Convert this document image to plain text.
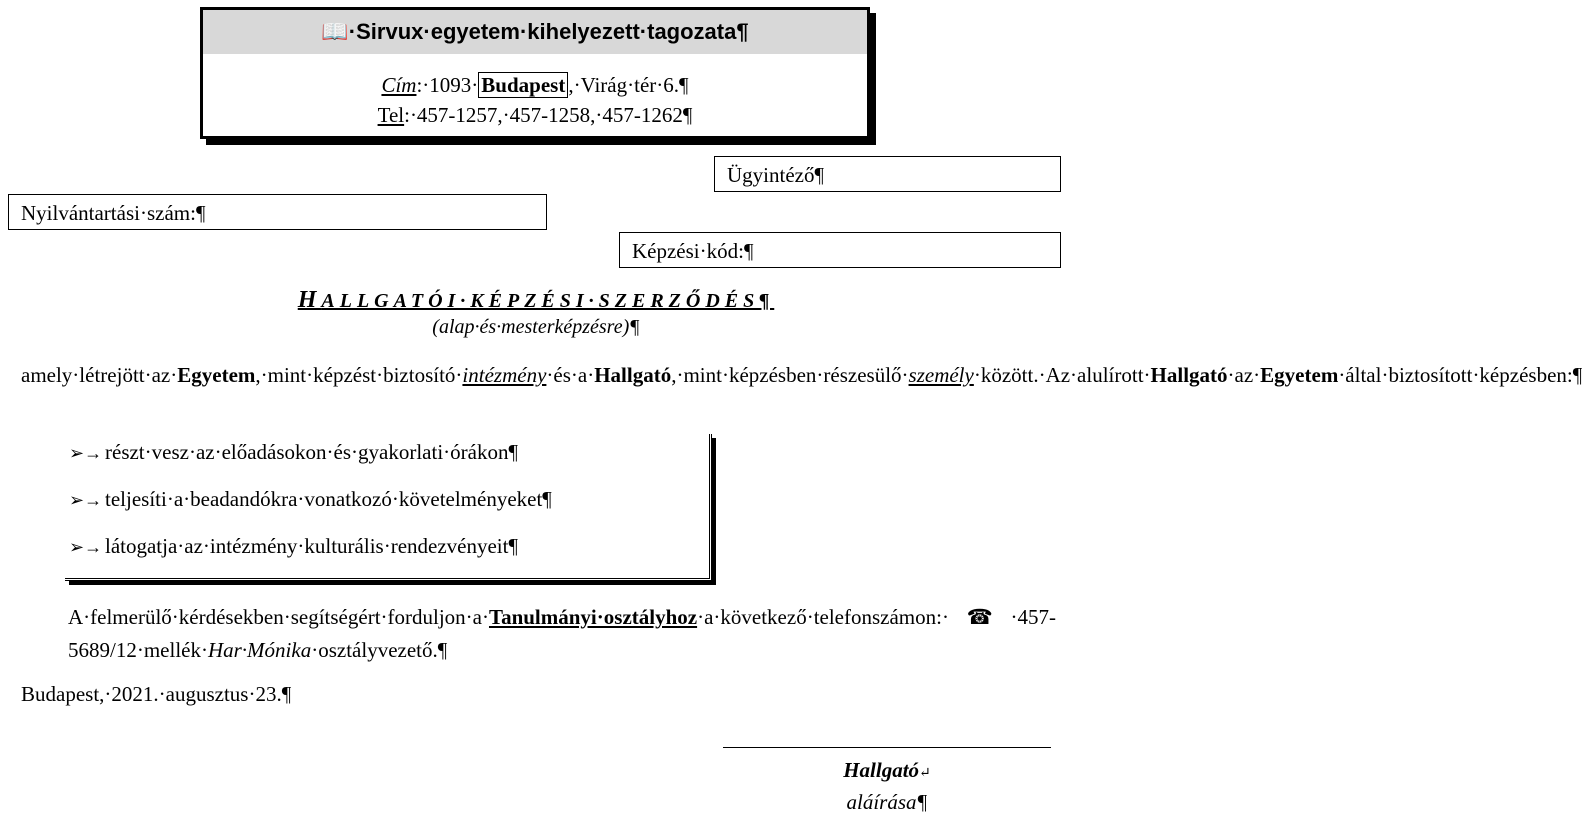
📖·Sirvux·egyetem·kihelyezett·tagozata¶
Cím:·1093· Budapest ,·Virág·tér·6.¶
Tel:·457-1257,·457-1258,·457-1262¶
Ügyintéző¶
Nyilvántartási·szám:¶
Képzési·kód:¶
HALLGATÓI·KÉPZÉSI·SZERZŐDÉS¶
(alap·és·mesterképzésre)¶
amely·létrejött·az·Egyetem,·mint·képzést·biztosító·intézmény·és·a·Hallgató,·mint·képzésben·részesülő·személy·között.·Az·alulírott·Hallgató·az·Egyetem·által·biztosított·képzésben:¶
➢→ részt·vesz·az·előadásokon·és·gyakorlati·órákon¶
➢→ teljesíti·a·beadandókra·vonatkozó·követelményeket¶
➢→ látogatja·az·intézmény·kulturális·rendezvényeit¶
A·felmerülő·kérdésekben·segítségért·forduljon·a·Tanulmányi·osztályhoz·a·következő·telefonszámon:·☎·457-5689/12·mellék·Har·Mónika·osztályvezető.¶
Budapest,·2021.·augusztus·23.¶
Hallgató↵
aláírása¶
